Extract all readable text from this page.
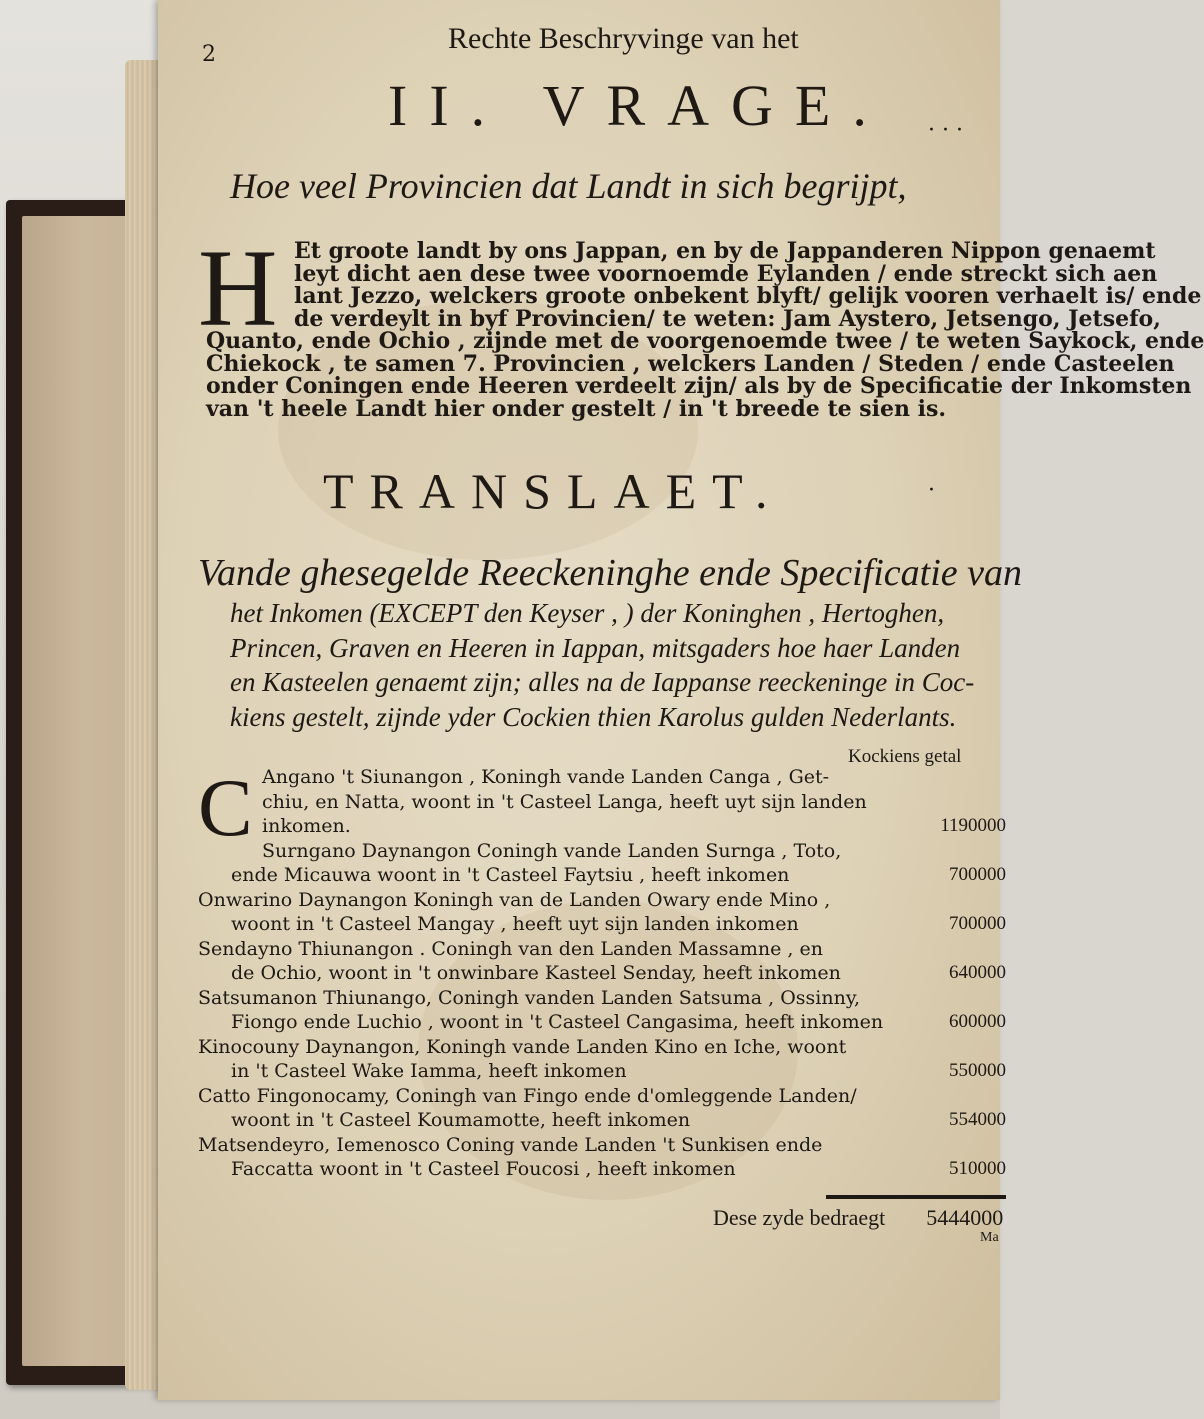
2	Rechte Beschryvinge van het
II. VRAGE. · · ·
Hoe veel Provincien dat Landt in sich begrijpt,
H Et groote landt by ons Jappan, en by de Jappanderen Nippon genaemt
leyt dicht aen dese twee voornoemde Eylanden / ende streckt sich aen
lant Jezzo, welckers groote onbekent blyft/ gelijk vooren verhaelt is/ ende
de verdeylt in byf Provincien/ te weten: Jam Aystero, Jetsengo, Jetsefo,
Quanto, ende Ochio , zijnde met de voorgenoemde twee / te weten Saykock, ende
Chiekock , te samen 7. Provincien , welckers Landen / Steden / ende Casteelen
onder Coningen ende Heeren verdeelt zijn/ als by de Specificatie der Inkomsten
van 't heele Landt hier onder gestelt / in 't breede te sien is.
TRANSLAET.	·
Vande ghesegelde Reeckeninghe ende Specificatie van
het Inkomen (EXCEPT den Keyser , ) der Koninghen , Hertoghen,
Princen, Graven en Heeren in Iappan, mitsgaders hoe haer Landen
en Kasteelen genaemt zijn; alles na de Iappanse reeckeninge in Coc-
kiens gestelt, zijnde yder Cockien thien Karolus gulden Nederlants.
Kockiens getal
C Angano 't Siunangon , Koningh vande Landen Canga , Get-
chiu, en Natta, woont in 't Casteel Langa, heeft uyt sijn landen
inkomen.	1190000
Surngano Daynangon Coningh vande Landen Surnga , Toto,
ende Micauwa woont in 't Casteel Faytsiu , heeft inkomen	700000
Onwarino Daynangon Koningh van de Landen Owary ende Mino ,
woont in 't Casteel Mangay , heeft uyt sijn landen inkomen	700000
Sendayno Thiunangon . Coningh van den Landen Massamne , en
de Ochio, woont in 't onwinbare Kasteel Senday, heeft inkomen	640000
Satsumanon Thiunango, Coningh vanden Landen Satsuma , Ossinny,
Fiongo ende Luchio , woont in 't Casteel Cangasima, heeft inkomen	600000
Kinocouny Daynangon, Koningh vande Landen Kino en Iche, woont
in 't Casteel Wake Iamma, heeft inkomen	550000
Catto Fingonocamy, Coningh van Fingo ende d'omleggende Landen/
woont in 't Casteel Koumamotte, heeft inkomen	554000
Matsendeyro, Iemenosco Coning vande Landen 't Sunkisen ende
Faccatta woont in 't Casteel Foucosi , heeft inkomen	510000
Dese zyde bedraegt 5444000
Ma
